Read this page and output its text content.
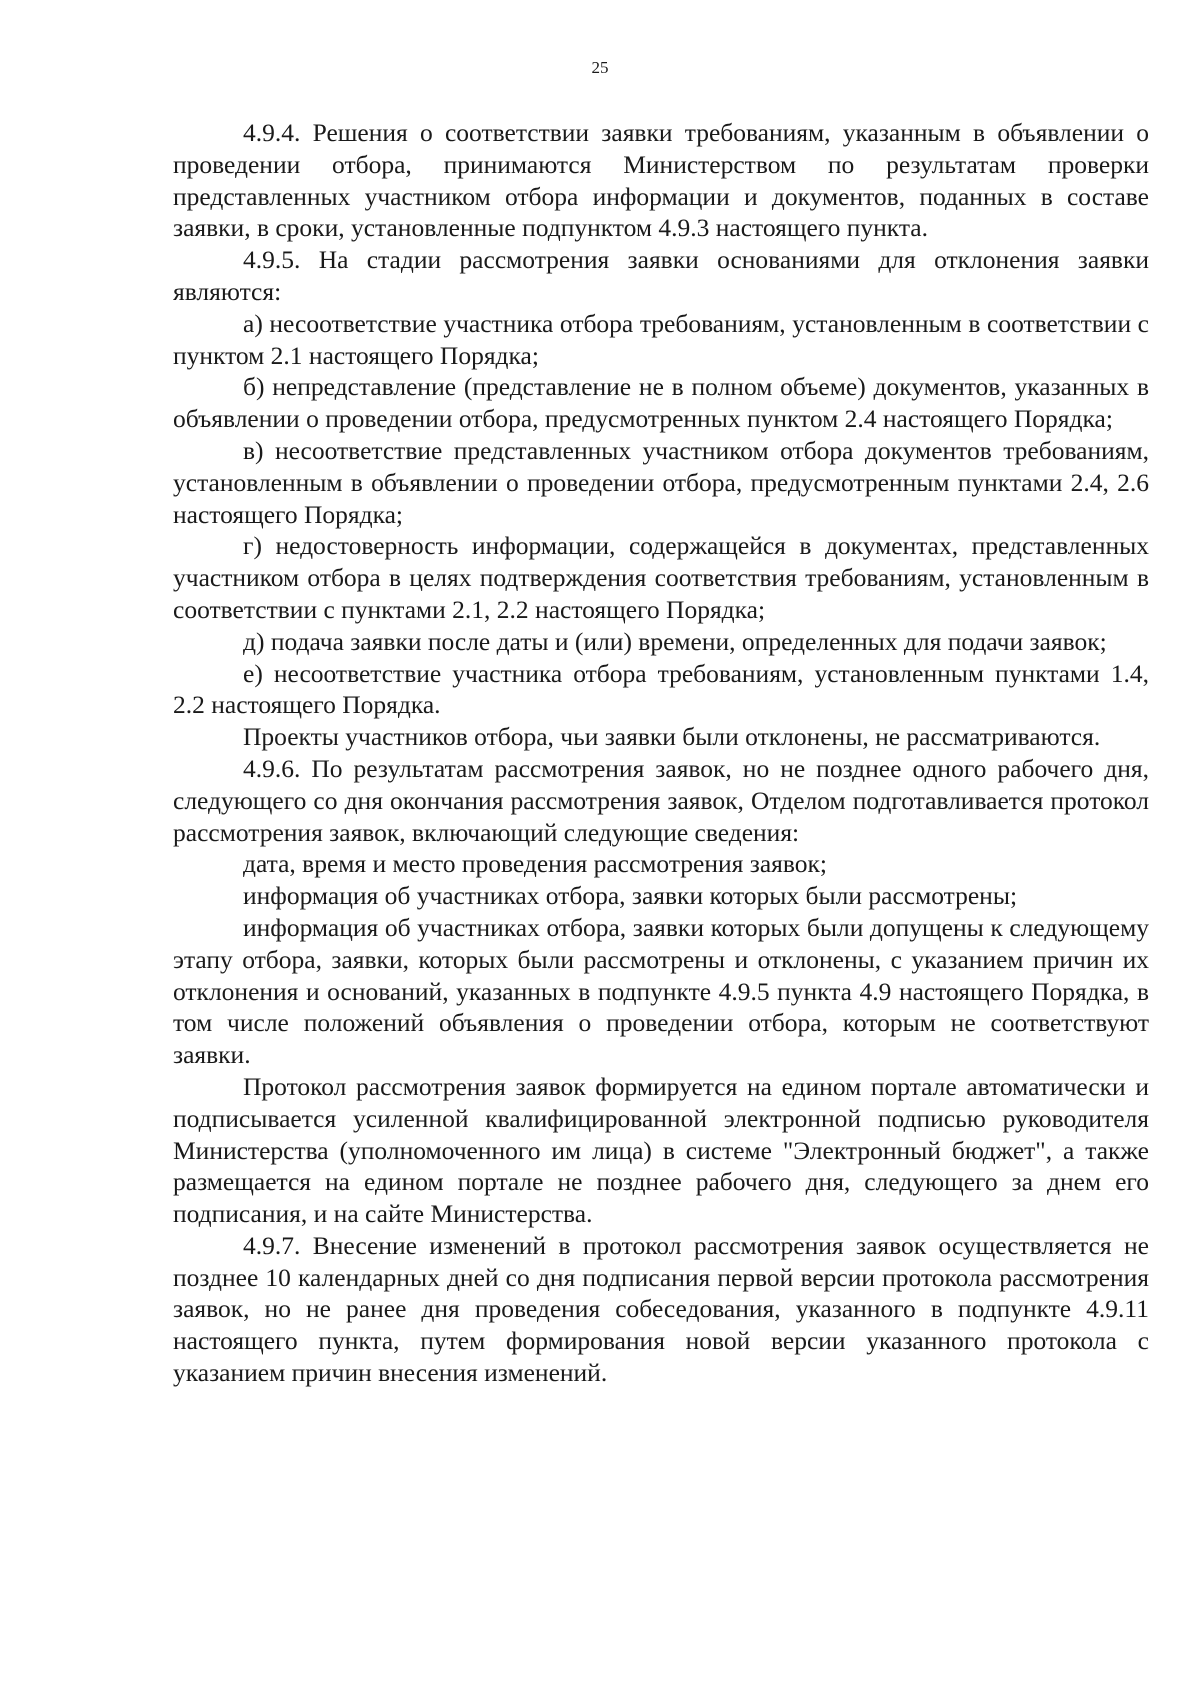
25

4.9.4. Решения о соответствии заявки требованиям, указанным в объявлении о проведении отбора, принимаются Министерством по результатам проверки представленных участником отбора информации и документов, поданных в составе заявки, в сроки, установленные подпунктом 4.9.3 настоящего пункта.

4.9.5. На стадии рассмотрения заявки основаниями для отклонения заявки являются:

а) несоответствие участника отбора требованиям, установленным в соответствии с пунктом 2.1 настоящего Порядка;

б) непредставление (представление не в полном объеме) документов, указанных в объявлении о проведении отбора, предусмотренных пунктом 2.4 настоящего Порядка;

в) несоответствие представленных участником отбора документов требованиям, установленным в объявлении о проведении отбора, предусмотренным пунктами 2.4, 2.6 настоящего Порядка;

г) недостоверность информации, содержащейся в документах, представленных участником отбора в целях подтверждения соответствия требованиям, установленным в соответствии с пунктами 2.1, 2.2 настоящего Порядка;

д) подача заявки после даты и (или) времени, определенных для подачи заявок;

е) несоответствие участника отбора требованиям, установленным пунктами 1.4, 2.2 настоящего Порядка.

Проекты участников отбора, чьи заявки были отклонены, не рассматриваются.

4.9.6. По результатам рассмотрения заявок, но не позднее одного рабочего дня, следующего со дня окончания рассмотрения заявок, Отделом подготавливается протокол рассмотрения заявок, включающий следующие сведения:

дата, время и место проведения рассмотрения заявок;

информация об участниках отбора, заявки которых были рассмотрены;

информация об участниках отбора, заявки которых были допущены к следующему этапу отбора, заявки, которых были рассмотрены и отклонены, с указанием причин их отклонения и оснований, указанных в подпункте 4.9.5 пункта 4.9 настоящего Порядка, в том числе положений объявления о проведении отбора, которым не соответствуют заявки.

Протокол рассмотрения заявок формируется на едином портале автоматически и подписывается усиленной квалифицированной электронной подписью руководителя Министерства (уполномоченного им лица) в системе "Электронный бюджет", а также размещается на едином портале не позднее рабочего дня, следующего за днем его подписания, и на сайте Министерства.

4.9.7. Внесение изменений в протокол рассмотрения заявок осуществляется не позднее 10 календарных дней со дня подписания первой версии протокола рассмотрения заявок, но не ранее дня проведения собеседования, указанного в подпункте 4.9.11 настоящего пункта, путем формирования новой версии указанного протокола с указанием причин внесения изменений.
